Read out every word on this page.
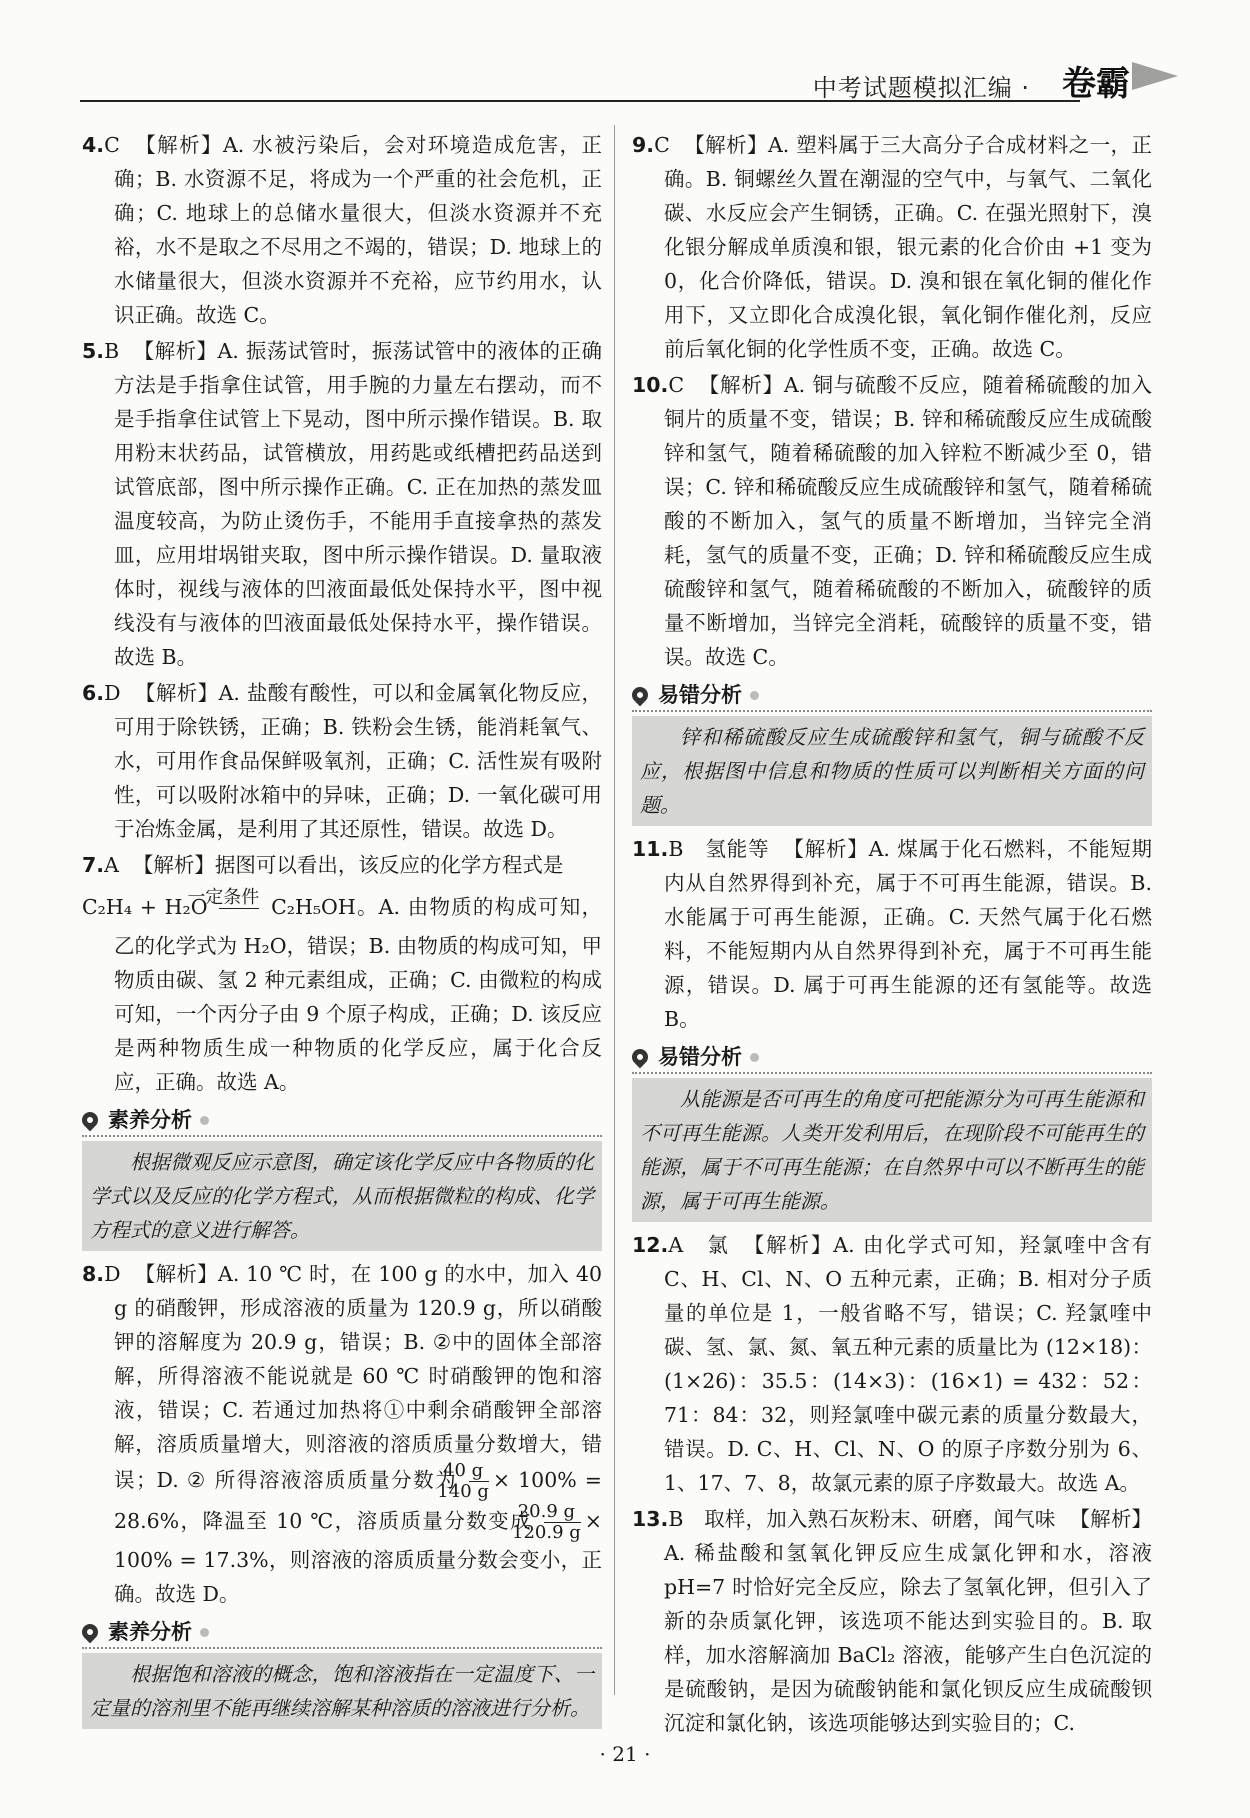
中考试题模拟汇编 · 卷霸
4.C 【解析】A. 水被污染后，会对环境造成危害，正确；B. 水资源不足，将成为一个严重的社会危机，正确；C. 地球上的总储水量很大，但淡水资源并不充裕，水不是取之不尽用之不竭的，错误；D. 地球上的水储量很大，但淡水资源并不充裕，应节约用水，认识正确。故选 C。
5.B 【解析】A. 振荡试管时，振荡试管中的液体的正确方法是手指拿住试管，用手腕的力量左右摆动，而不是手指拿住试管上下晃动，图中所示操作错误。B. 取用粉末状药品，试管横放，用药匙或纸槽把药品送到试管底部，图中所示操作正确。C. 正在加热的蒸发皿温度较高，为防止烫伤手，不能用手直接拿热的蒸发皿，应用坩埚钳夹取，图中所示操作错误。D. 量取液体时，视线与液体的凹液面最低处保持水平，图中视线没有与液体的凹液面最低处保持水平，操作错误。故选 B。
6.D 【解析】A. 盐酸有酸性，可以和金属氧化物反应，可用于除铁锈，正确；B. 铁粉会生锈，能消耗氧气、水，可用作食品保鲜吸氧剂，正确；C. 活性炭有吸附性，可以吸附冰箱中的异味，正确；D. 一氧化碳可用于冶炼金属，是利用了其还原性，错误。故选 D。
7.A 【解析】据图可以看出，该反应的化学方程式是
C₂H₄ + H₂O
一定条件
C₂H₅OH。A. 由物质的构成可知，乙的化学式为 H₂O，错误；B. 由物质的构成可知，甲物质由碳、氢 2 种元素组成，正确；C. 由微粒的构成可知，一个丙分子由 9 个原子构成，正确；D. 该反应是两种物质生成一种物质的化学反应，属于化合反应，正确。故选 A。
素养分析
根据微观反应示意图，确定该化学反应中各物质的化学式以及反应的化学方程式，从而根据微粒的构成、化学方程式的意义进行解答。
8.D 【解析】A. 10 ℃ 时，在 100 g 的水中，加入 40 g 的硝酸钾，形成溶液的质量为 120.9 g，所以硝酸钾的溶解度为 20.9 g，错误；B. ②中的固体全部溶解，所得溶液不能说就是 60 ℃ 时硝酸钾的饱和溶液，错误；C. 若通过加热将①中剩余硝酸钾全部溶解，溶质质量增大，则溶液的溶质质量分数增大，错误；D. ② 所得溶液溶质质量分数为 $\frac{40 g}{140 g} \times 100\% = 28.6\%$，降温至 10 ℃，溶质质量分数变成 $\frac{20.9 g}{120.9 g} \times 100\% = 17.3\%$，则溶液的溶质质量分数会变小，正确。故选 D。
素养分析
根据饱和溶液的概念，饱和溶液指在一定温度下、一定量的溶剂里不能再继续溶解某种溶质的溶液进行分析。
9.C 【解析】A. 塑料属于三大高分子合成材料之一，正确。B. 铜螺丝久置在潮湿的空气中，与氧气、二氧化碳、水反应会产生铜锈，正确。C. 在强光照射下，溴化银分解成单质溴和银，银元素的化合价由 +1 变为 0，化合价降低，错误。D. 溴和银在氧化铜的催化作用下，又立即化合成溴化银，氧化铜作催化剂，反应前后氧化铜的化学性质不变，正确。故选 C。
10.C 【解析】A. 铜与硫酸不反应，随着稀硫酸的加入铜片的质量不变，错误；B. 锌和稀硫酸反应生成硫酸锌和氢气，随着稀硫酸的加入锌粒不断减少至 0，错误；C. 锌和稀硫酸反应生成硫酸锌和氢气，随着稀硫酸的不断加入，氢气的质量不断增加，当锌完全消耗，氢气的质量不变，正确；D. 锌和稀硫酸反应生成硫酸锌和氢气，随着稀硫酸的不断加入，硫酸锌的质量不断增加，当锌完全消耗，硫酸锌的质量不变，错误。故选 C。
易错分析
锌和稀硫酸反应生成硫酸锌和氢气，铜与硫酸不反应，根据图中信息和物质的性质可以判断相关方面的问题。
11.B　氢能等 【解析】A. 煤属于化石燃料，不能短期内从自然界得到补充，属于不可再生能源，错误。B. 水能属于可再生能源，正确。C. 天然气属于化石燃料，不能短期内从自然界得到补充，属于不可再生能源，错误。D. 属于可再生能源的还有氢能等。故选 B。
易错分析
从能源是否可再生的角度可把能源分为可再生能源和不可再生能源。人类开发利用后，在现阶段不可能再生的能源，属于不可再生能源；在自然界中可以不断再生的能源，属于可再生能源。
12.A　氯 【解析】A. 由化学式可知，羟氯喹中含有 C、H、Cl、N、O 五种元素，正确；B. 相对分子质量的单位是 1，一般省略不写，错误；C. 羟氯喹中碳、氢、氯、氮、氧五种元素的质量比为 (12×18)：(1×26)：35.5：(14×3)：(16×1) = 432：52：71：84：32，则羟氯喹中碳元素的质量分数最大，错误。D. C、H、Cl、N、O 的原子序数分别为 6、1、17、7、8，故氯元素的原子序数最大。故选 A。
13.B　取样，加入熟石灰粉末、研磨，闻气味 【解析】A. 稀盐酸和氢氧化钾反应生成氯化钾和水，溶液 pH=7 时恰好完全反应，除去了氢氧化钾，但引入了新的杂质氯化钾，该选项不能达到实验目的。B. 取样，加水溶解滴加 BaCl₂ 溶液，能够产生白色沉淀的是硫酸钠，是因为硫酸钠能和氯化钡反应生成硫酸钡沉淀和氯化钠，该选项能够达到实验目的；C.
· 21 ·
